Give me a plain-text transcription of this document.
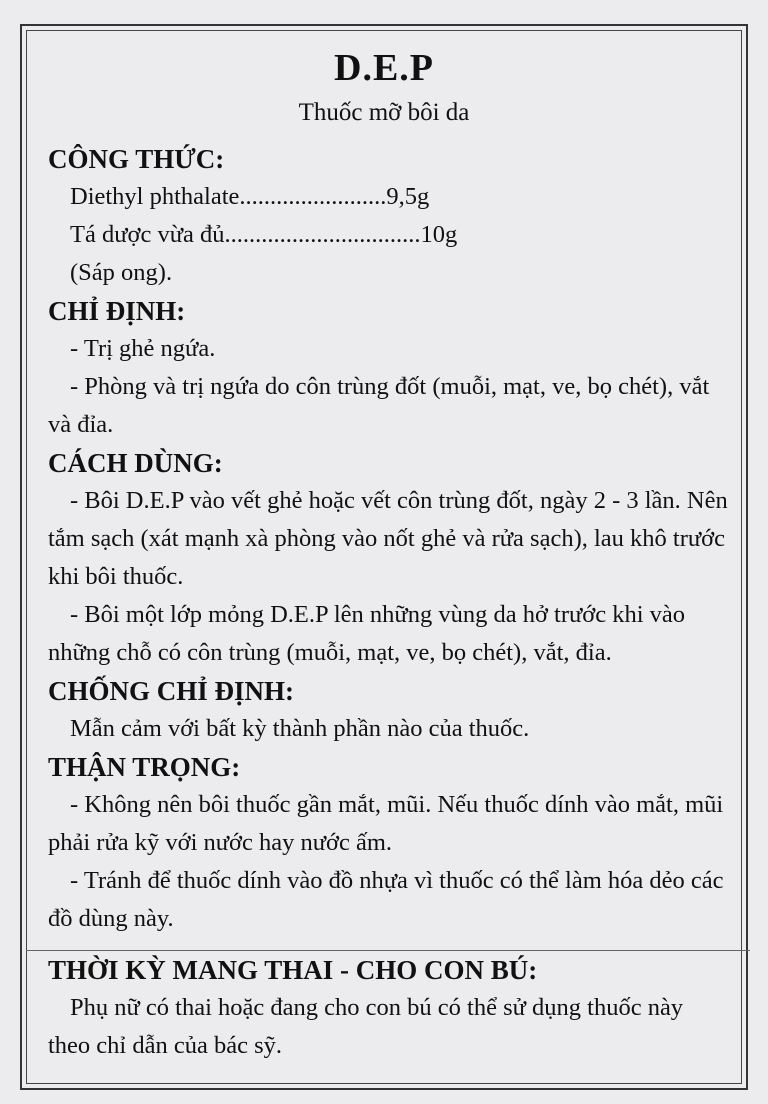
D.E.P

Thuốc mỡ bôi da

CÔNG THỨC:

Diethyl phthalate........................9,5g

Tá dược vừa đủ................................10g

(Sáp ong).

CHỈ ĐỊNH:

- Trị ghẻ ngứa.

- Phòng và trị ngứa do côn trùng đốt (muỗi, mạt, ve, bọ chét), vắt và đỉa.

CÁCH DÙNG:

- Bôi D.E.P vào vết ghẻ hoặc vết côn trùng đốt, ngày 2 - 3 lần. Nên tắm sạch (xát mạnh xà phòng vào nốt ghẻ và rửa sạch), lau khô trước khi bôi thuốc.

- Bôi một lớp mỏng D.E.P lên những vùng da hở trước khi vào những chỗ có côn trùng (muỗi, mạt, ve, bọ chét), vắt, đỉa.

CHỐNG CHỈ ĐỊNH:

Mẫn cảm với bất kỳ thành phần nào của thuốc.

THẬN TRỌNG:

- Không nên bôi thuốc gần mắt, mũi. Nếu thuốc dính vào mắt, mũi phải rửa kỹ với nước hay nước ấm.

- Tránh để thuốc dính vào đồ nhựa vì thuốc có thể làm hóa dẻo các đồ dùng này.

THỜI KỲ MANG THAI - CHO CON BÚ:

Phụ nữ có thai hoặc đang cho con bú có thể sử dụng thuốc này theo chỉ dẫn của bác sỹ.
